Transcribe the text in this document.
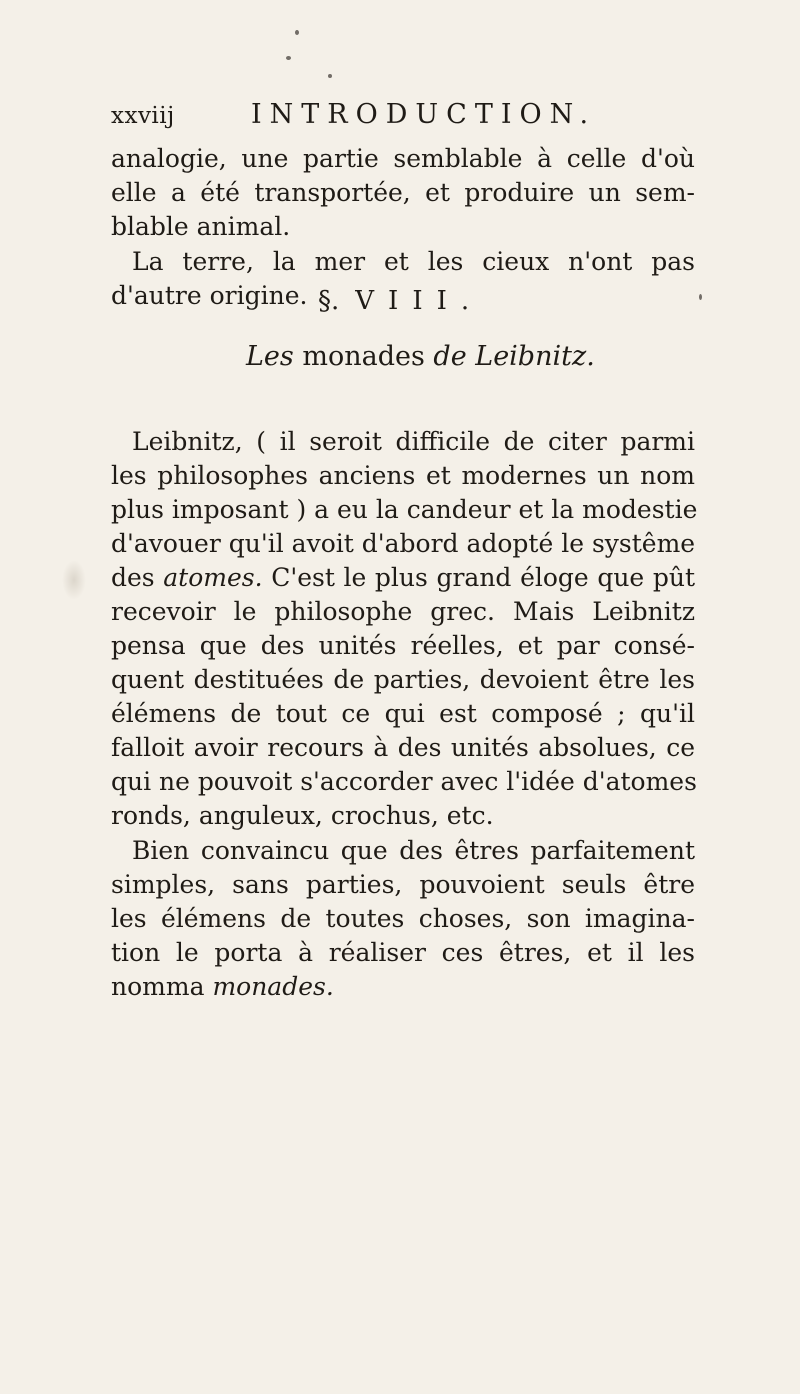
xxviij	INTRODUCTION.
analogie, une partie semblable à celle d'où
elle a été transportée, et produire un sem-
blable animal.
La terre, la mer et les cieux n'ont pas
d'autre origine. §. VIII.
Les monades de Leibnitz.
Leibnitz, ( il seroit difficile de citer parmi
les philosophes anciens et modernes un nom
plus imposant ) a eu la candeur et la modestie
d'avouer qu'il avoit d'abord adopté le systême
des atomes. C'est le plus grand éloge que pût
recevoir le philosophe grec. Mais Leibnitz
pensa que des unités réelles, et par consé-
quent destituées de parties, devoient être les
élémens de tout ce qui est composé ; qu'il
falloit avoir recours à des unités absolues, ce
qui ne pouvoit s'accorder avec l'idée d'atomes
ronds, anguleux, crochus, etc.
Bien convaincu que des êtres parfaitement
simples, sans parties, pouvoient seuls être
les élémens de toutes choses, son imagina-
tion le porta à réaliser ces êtres, et il les
nomma monades.
